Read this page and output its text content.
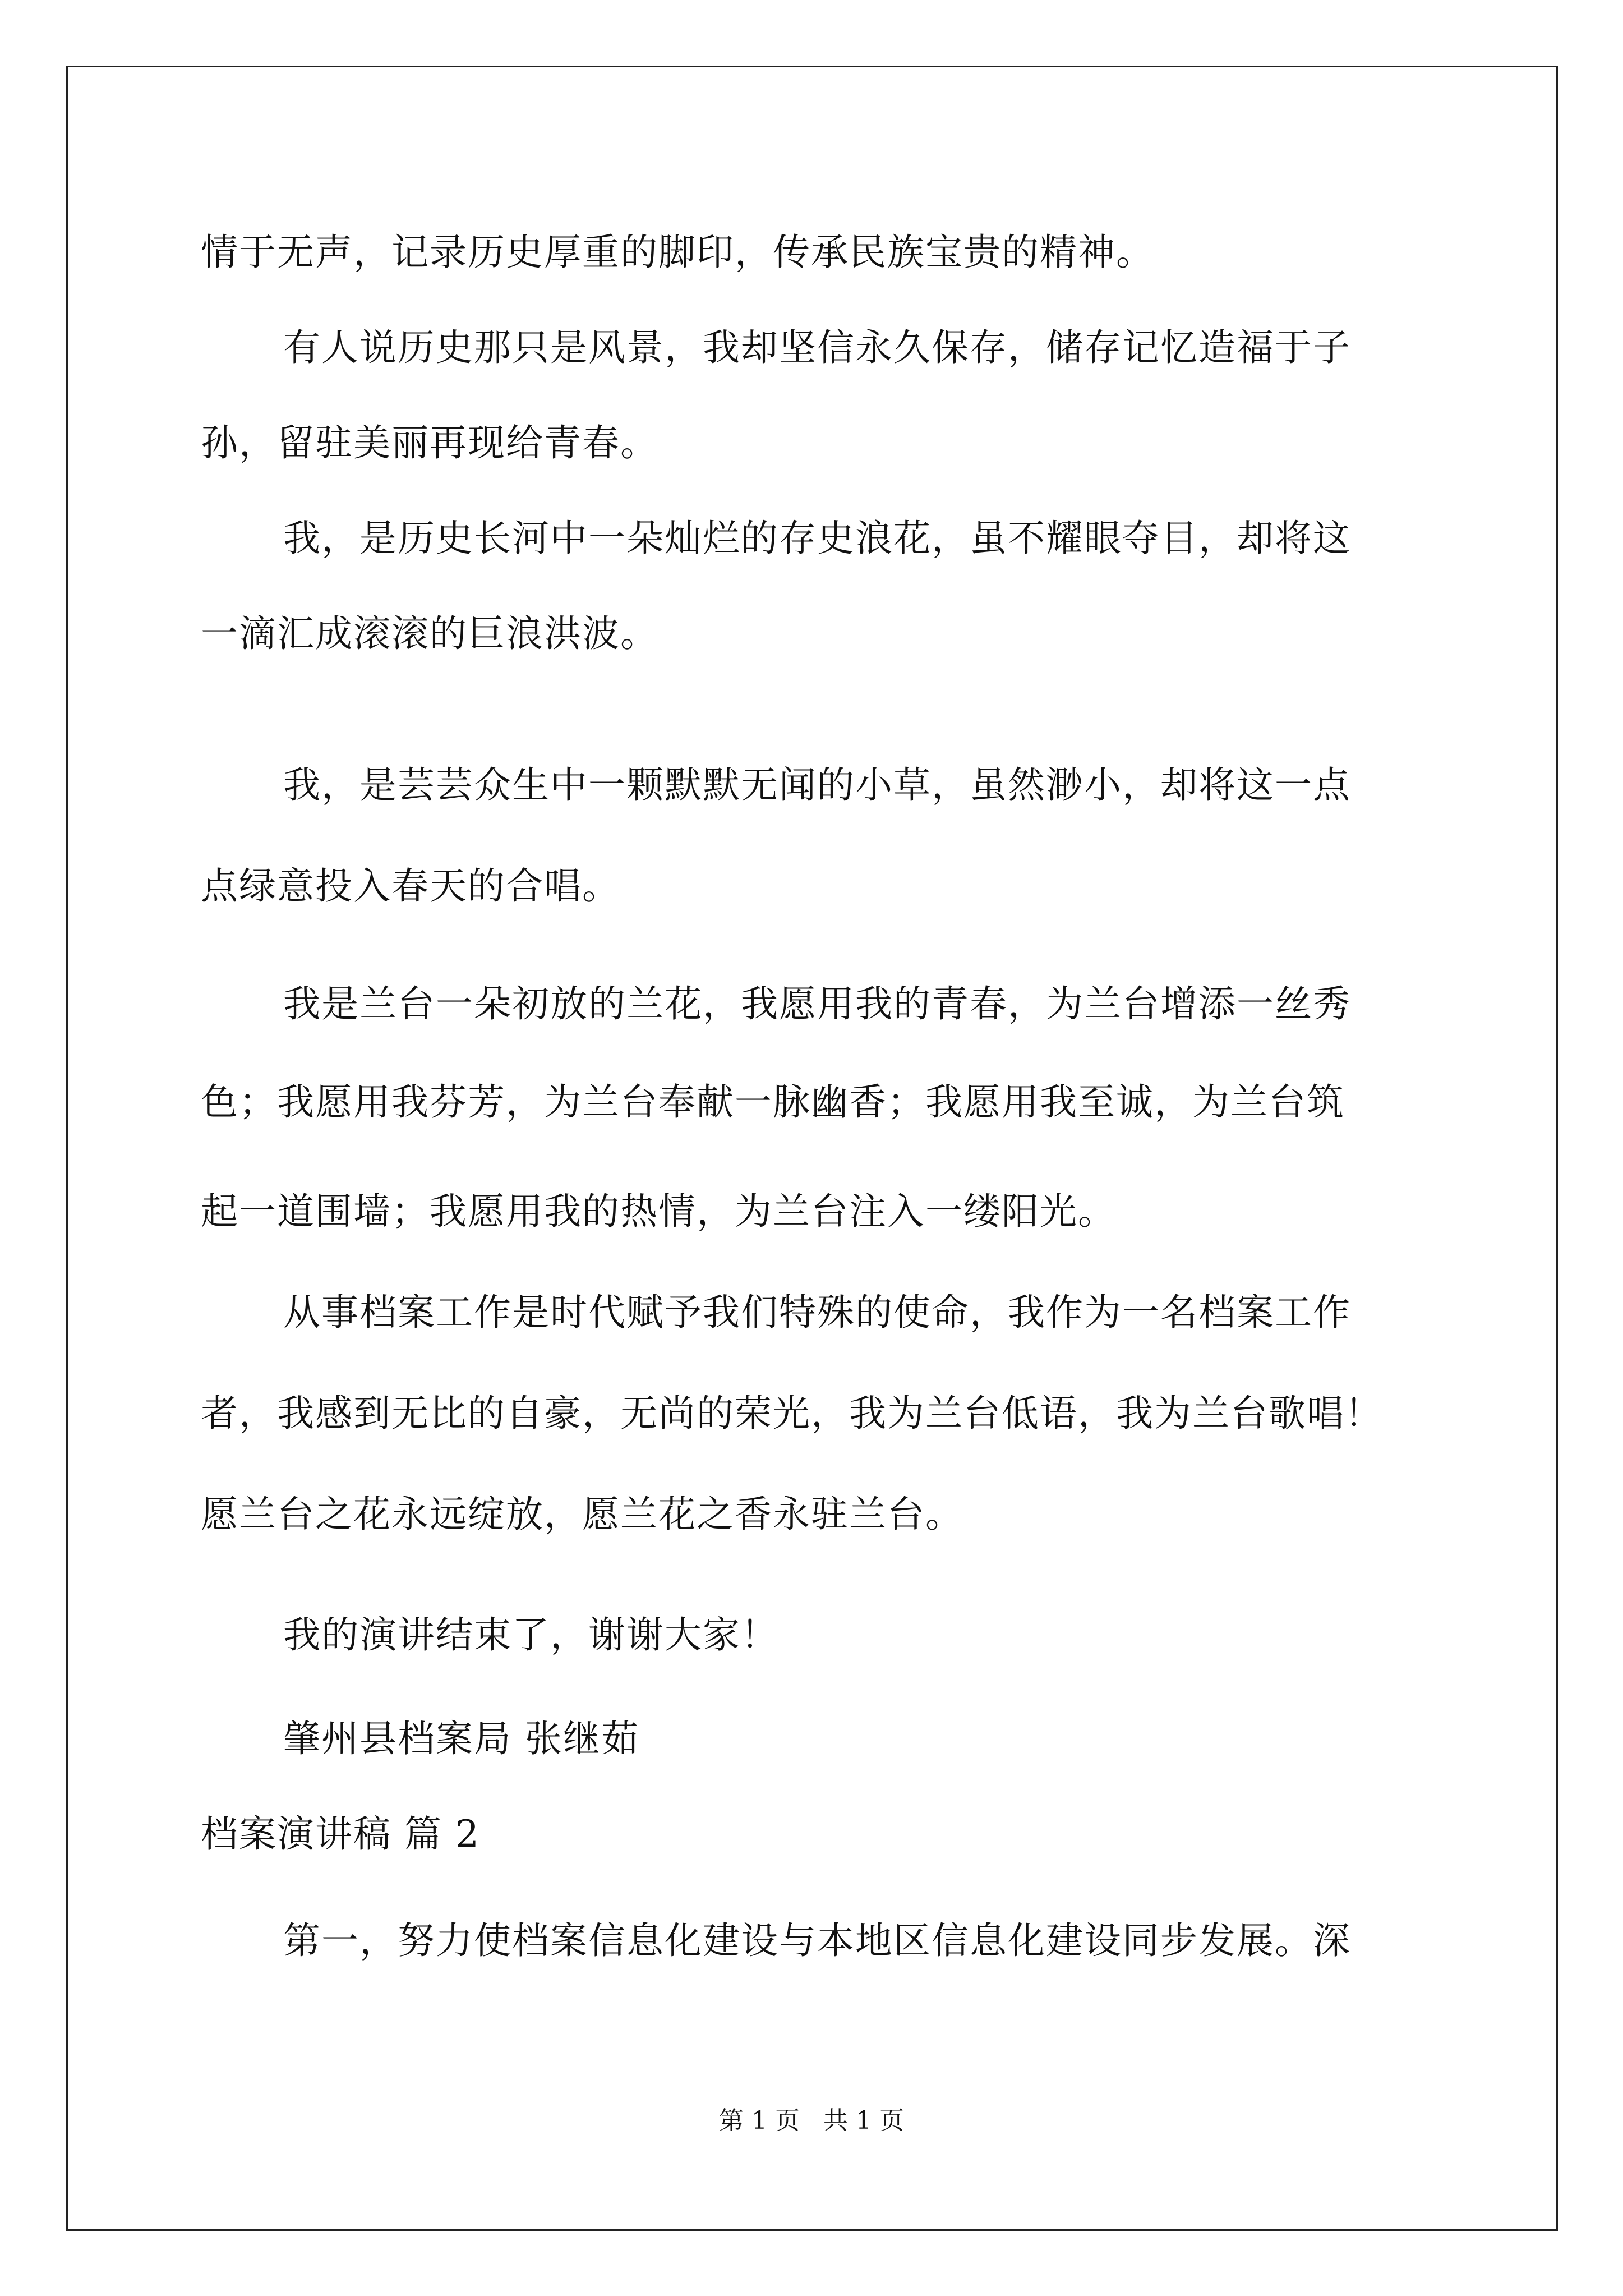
情于无声，记录历史厚重的脚印，传承民族宝贵的精神。
有人说历史那只是风景，我却坚信永久保存，储存记忆造福于子
孙，留驻美丽再现给青春。
我，是历史长河中一朵灿烂的存史浪花，虽不耀眼夺目，却将这
一滴汇成滚滚的巨浪洪波。
我，是芸芸众生中一颗默默无闻的小草，虽然渺小，却将这一点
点绿意投入春天的合唱。
我是兰台一朵初放的兰花，我愿用我的青春，为兰台增添一丝秀
色；我愿用我芬芳，为兰台奉献一脉幽香；我愿用我至诚，为兰台筑
起一道围墙；我愿用我的热情，为兰台注入一缕阳光。
从事档案工作是时代赋予我们特殊的使命，我作为一名档案工作
者，我感到无比的自豪，无尚的荣光，我为兰台低语，我为兰台歌唱！
愿兰台之花永远绽放，愿兰花之香永驻兰台。
我的演讲结束了，谢谢大家！
肇州县档案局 张继茹
档案演讲稿 篇 2
第一，努力使档案信息化建设与本地区信息化建设同步发展。深
第 1 页   共 1 页
